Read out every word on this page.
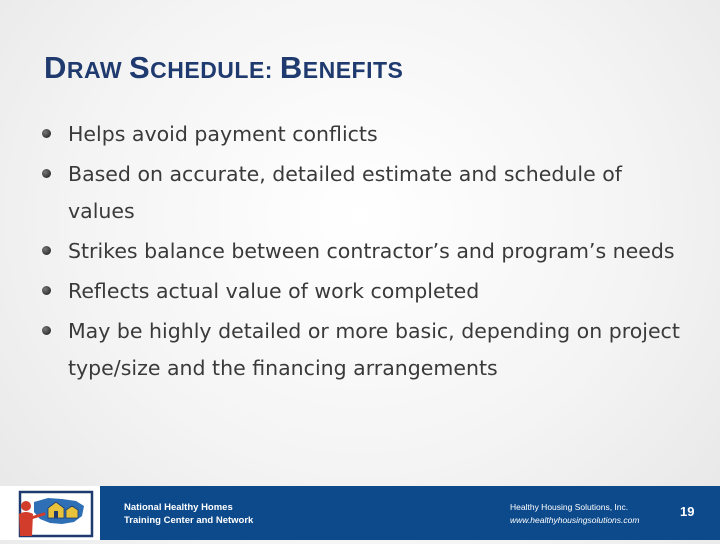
DRAW SCHEDULE: BENEFITS
Helps avoid payment conflicts
Based on accurate, detailed estimate and schedule of values
Strikes balance between contractor’s and program’s needs
Reflects actual value of work completed
May be highly detailed or more basic, depending on project type/size and the financing arrangements
National Healthy Homes
Training Center and Network
Healthy Housing Solutions, Inc.
www.healthyhousingsolutions.com
19
